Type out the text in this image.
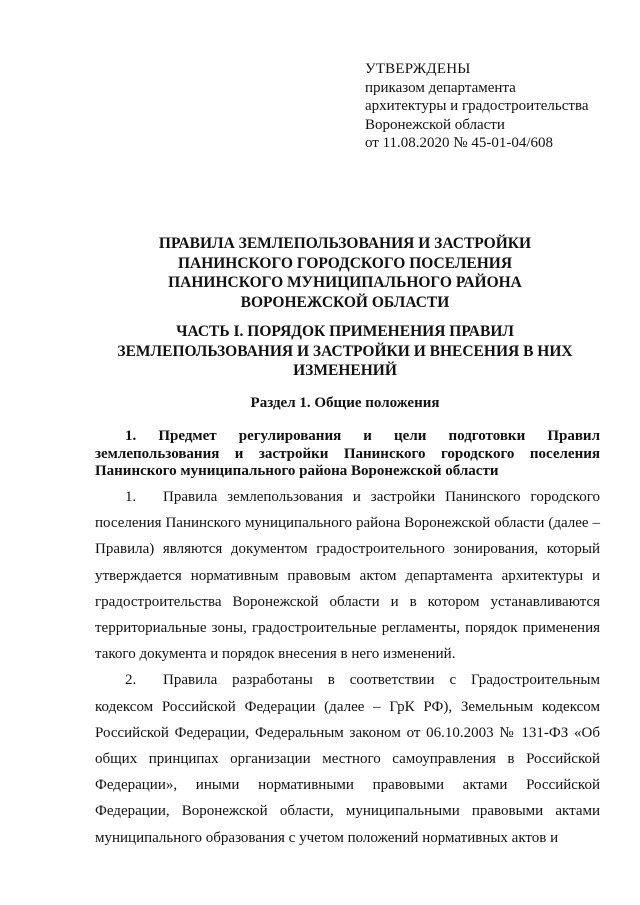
УТВЕРЖДЕНЫ
приказом департамента
архитектуры и градостроительства
Воронежской области
от 11.08.2020 № 45-01-04/608
ПРАВИЛА ЗЕМЛЕПОЛЬЗОВАНИЯ И ЗАСТРОЙКИ
ПАНИНСКОГО ГОРОДСКОГО ПОСЕЛЕНИЯ
ПАНИНСКОГО МУНИЦИПАЛЬНОГО РАЙОНА
ВОРОНЕЖСКОЙ ОБЛАСТИ
ЧАСТЬ I. ПОРЯДОК ПРИМЕНЕНИЯ ПРАВИЛ
ЗЕМЛЕПОЛЬЗОВАНИЯ И ЗАСТРОЙКИ И ВНЕСЕНИЯ В НИХ
ИЗМЕНЕНИЙ
Раздел 1. Общие положения
1. Предмет регулирования и цели подготовки Правил землепользования и застройки Панинского городского поселения Панинского муниципального района Воронежской области

1. Правила землепользования и застройки Панинского городского поселения Панинского муниципального района Воронежской области (далее – Правила) являются документом градостроительного зонирования, который утверждается нормативным правовым актом департамента архитектуры и градостроительства Воронежской области и в котором устанавливаются территориальные зоны, градостроительные регламенты, порядок применения такого документа и порядок внесения в него изменений.

2. Правила разработаны в соответствии с Градостроительным кодексом Российской Федерации (далее – ГрК РФ), Земельным кодексом Российской Федерации, Федеральным законом от 06.10.2003 № 131-ФЗ «Об общих принципах организации местного самоуправления в Российской Федерации», иными нормативными правовыми актами Российской Федерации, Воронежской области, муниципальными правовыми актами муниципального образования с учетом положений нормативных актов и
